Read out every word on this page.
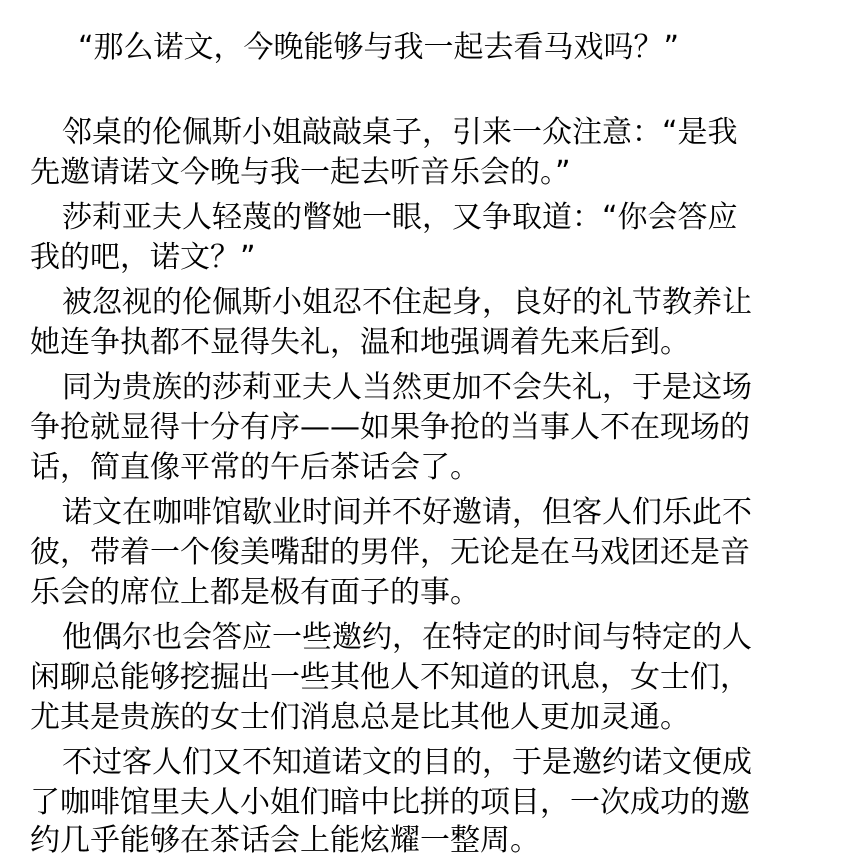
“那么诺文，今晚能够与我一起去看马戏吗？”
邻桌的伦佩斯小姐敲敲桌子，引来一众注意：“是我
先邀请诺文今晚与我一起去听音乐会的。”
莎莉亚夫人轻蔑的瞥她一眼，又争取道：“你会答应
我的吧，诺文？”
被忽视的伦佩斯小姐忍不住起身，良好的礼节教养让
她连争执都不显得失礼，温和地强调着先来后到。
同为贵族的莎莉亚夫人当然更加不会失礼，于是这场
争抢就显得十分有序——如果争抢的当事人不在现场的
话，简直像平常的午后茶话会了。
诺文在咖啡馆歇业时间并不好邀请，但客人们乐此不
彼，带着一个俊美嘴甜的男伴，无论是在马戏团还是音
乐会的席位上都是极有面子的事。
他偶尔也会答应一些邀约，在特定的时间与特定的人
闲聊总能够挖掘出一些其他人不知道的讯息，女士们，
尤其是贵族的女士们消息总是比其他人更加灵通。
不过客人们又不知道诺文的目的，于是邀约诺文便成
了咖啡馆里夫人小姐们暗中比拼的项目，一次成功的邀
约几乎能够在茶话会上能炫耀一整周。
